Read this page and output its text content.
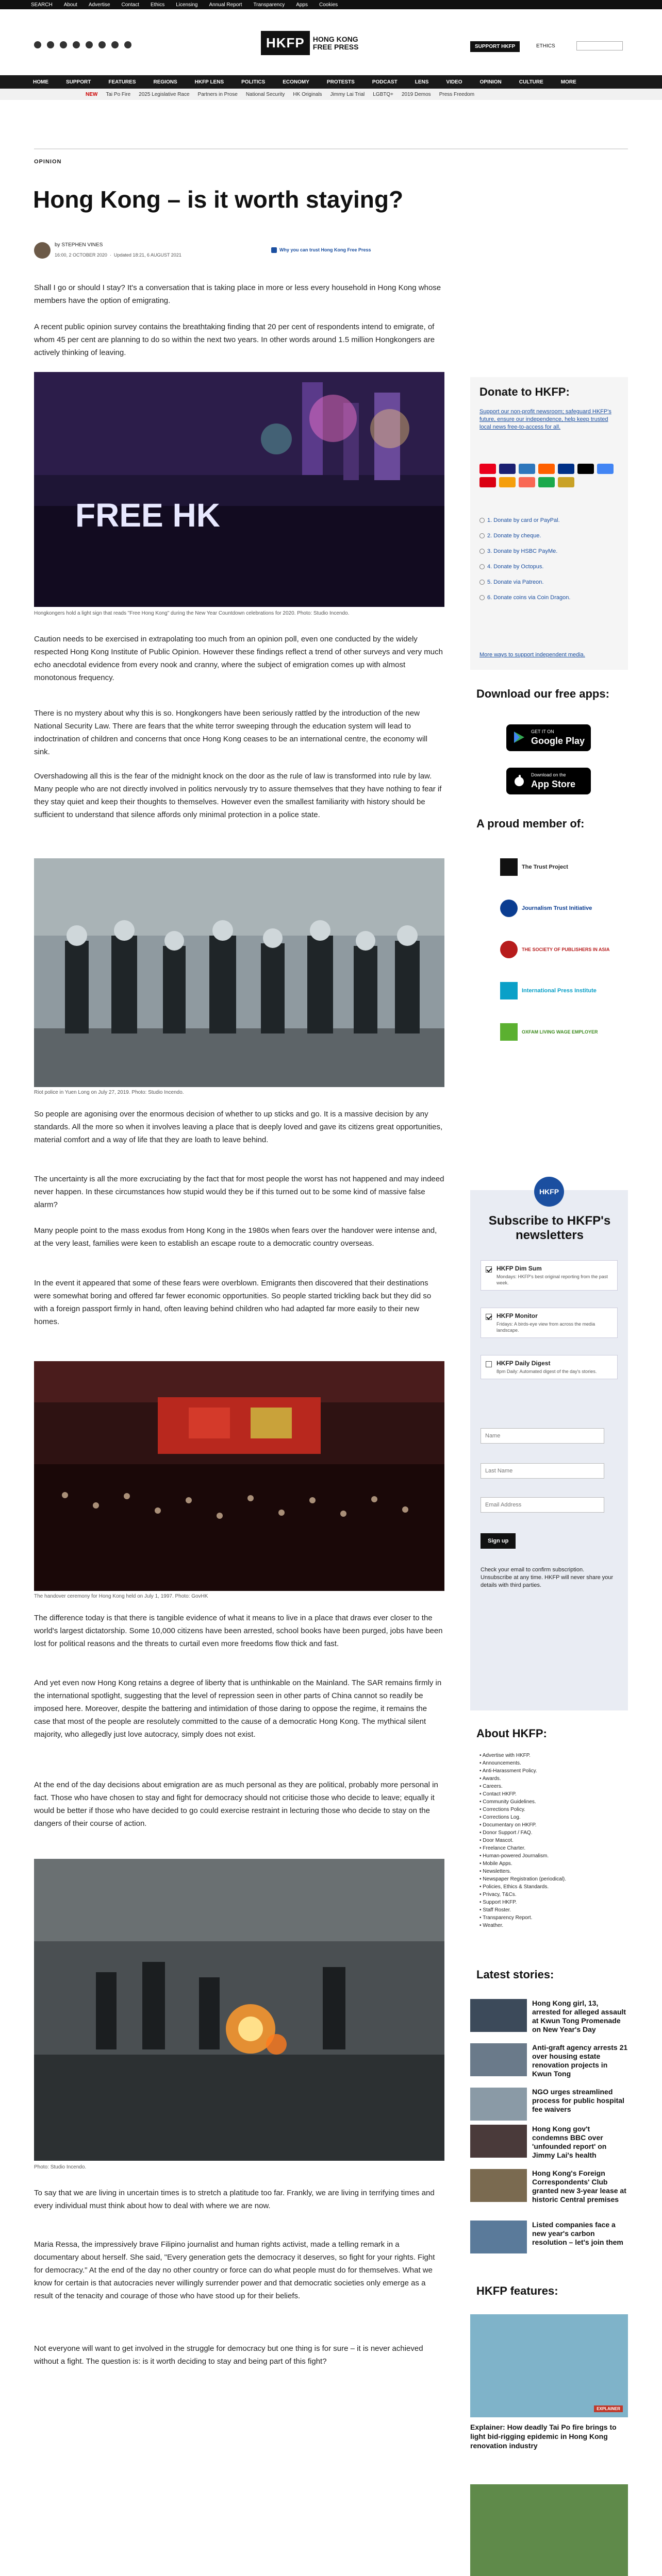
SEARCH About Advertise Contact Ethics Licensing Annual Report Transparency Apps Cookies
HKFP	HONG KONG
FREE PRESS	SUPPORT HKFP	ETHICS
HOME	SUPPORT	FEATURES	REGIONS	HKFP LENS	POLITICS	ECONOMY	PROTESTS	PODCAST	LENS	VIDEO	OPINION	CULTURE	MORE
NEW Tai Po Fire 2025 Legislative Race Partners in Prose National Security HK Originals Jimmy Lai Trial LGBTQ+ 2019 Demos Press Freedom
OPINION
Hong Kong – is it worth staying?
by STEPHEN VINES
16:00, 2 OCTOBER 2020  ·  Updated 18:21, 6 AUGUST 2021
Why you can trust Hong Kong Free Press

Shall I go or should I stay? It's a conversation that is taking place in more or less every household in Hong Kong whose members have the option of emigrating.

A recent public opinion survey contains the breathtaking finding that 20 per cent of respondents intend to emigrate, of whom 45 per cent are planning to do so within the next two years. In other words around 1.5 million Hongkongers are actively thinking of leaving.

FREE HK
Hongkongers hold a light sign that reads "Free Hong Kong" during the New Year Countdown celebrations for 2020. Photo: Studio Incendo.

Caution needs to be exercised in extrapolating too much from an opinion poll, even one conducted by the widely respected Hong Kong Institute of Public Opinion. However these findings reflect a trend of other surveys and very much echo anecdotal evidence from every nook and cranny, where the subject of emigration comes up with almost monotonous frequency.

There is no mystery about why this is so. Hongkongers have been seriously rattled by the introduction of the new National Security Law. There are fears that the white terror sweeping through the education system will lead to indoctrination of children and concerns that once Hong Kong ceases to be an international centre, the economy will sink.

Overshadowing all this is the fear of the midnight knock on the door as the rule of law is transformed into rule by law. Many people who are not directly involved in politics nervously try to assure themselves that they have nothing to fear if they stay quiet and keep their thoughts to themselves. However even the smallest familiarity with history should be sufficient to understand that silence affords only minimal protection in a police state.

Riot police in Yuen Long on July 27, 2019. Photo: Studio Incendo.

So people are agonising over the enormous decision of whether to up sticks and go. It is a massive decision by any standards. All the more so when it involves leaving a place that is deeply loved and gave its citizens great opportunities, material comfort and a way of life that they are loath to leave behind.

The uncertainty is all the more excruciating by the fact that for most people the worst has not happened and may indeed never happen. In these circumstances how stupid would they be if this turned out to be some kind of massive false alarm?

Many people point to the mass exodus from Hong Kong in the 1980s when fears over the handover were intense and, at the very least, families were keen to establish an escape route to a democratic country overseas.

In the event it appeared that some of these fears were overblown. Emigrants then discovered that their destinations were somewhat boring and offered far fewer economic opportunities. So people started trickling back but they did so with a foreign passport firmly in hand, often leaving behind children who had adapted far more easily to their new homes.

The handover ceremony for Hong Kong held on July 1, 1997. Photo: GovHK

The difference today is that there is tangible evidence of what it means to live in a place that draws ever closer to the world's largest dictatorship. Some 10,000 citizens have been arrested, school books have been purged, jobs have been lost for political reasons and the threats to curtail even more freedoms flow thick and fast.

And yet even now Hong Kong retains a degree of liberty that is unthinkable on the Mainland. The SAR remains firmly in the international spotlight, suggesting that the level of repression seen in other parts of China cannot so readily be imposed here. Moreover, despite the battering and intimidation of those daring to oppose the regime, it remains the case that most of the people are resolutely committed to the cause of a democratic Hong Kong. The mythical silent majority, who allegedly just love autocracy, simply does not exist.

At the end of the day decisions about emigration are as much personal as they are political, probably more personal in fact. Those who have chosen to stay and fight for democracy should not criticise those who decide to leave; equally it would be better if those who have decided to go could exercise restraint in lecturing those who decide to stay on the dangers of their course of action.

Photo: Studio Incendo.

To say that we are living in uncertain times is to stretch a platitude too far. Frankly, we are living in terrifying times and every individual must think about how to deal with where we are now.

Maria Ressa, the impressively brave Filipino journalist and human rights activist, made a telling remark in a documentary about herself. She said, "Every generation gets the democracy it deserves, so fight for your rights. Fight for democracy." At the end of the day no other country or force can do what people must do for themselves. What we know for certain is that autocracies never willingly surrender power and that democratic societies only emerge as a result of the tenacity and courage of those who have stood up for their beliefs.

Not everyone will want to get involved in the struggle for democracy but one thing is for sure – it is never achieved without a fight. The question is: is it worth deciding to stay and being part of this fight?

Donate to HKFP:
Support our non-profit newsroom; safeguard HKFP's future, ensure our independence, help keep trusted local news free-to-access for all.
1. Donate by card or PayPal.
2. Donate by cheque.
3. Donate by HSBC PayMe.
4. Donate by Octopus.
5. Donate via Patreon.
6. Donate coins via Coin Dragon.
More ways to support independent media.
Download our free apps:
GET IT ON
Google Play
Download on the
App Store
A proud member of:
The Trust Project
Journalism Trust Initiative
THE SOCIETY OF PUBLISHERS IN ASIA
International Press Institute
OXFAM LIVING WAGE EMPLOYER
HKFP
Subscribe to HKFP's newsletters
HKFP Dim Sum
Mondays: HKFP's best original reporting from the past week.
HKFP Monitor
Fridays: A birds-eye view from across the media landscape.
HKFP Daily Digest
8pm Daily: Automated digest of the day's stories.
Name
Last Name
Email Address
Sign up
Check your email to confirm subscription. Unsubscribe at any time. HKFP will never share your details with third parties.
About HKFP:
• Advertise with HKFP.
• Announcements.
• Anti-Harassment Policy.
• Awards.
• Careers.
• Contact HKFP.
• Community Guidelines.
• Corrections Policy.
• Corrections Log.
• Documentary on HKFP.
• Donor Support / FAQ.
• Door Mascot.
• Freelance Charter.
• Human-powered Journalism.
• Mobile Apps.
• Newsletters.
• Newspaper Registration (periodical).
• Policies, Ethics & Standards.
• Privacy, T&Cs.
• Support HKFP.
• Staff Roster.
• Transparency Report.
• Weather.
Latest stories:
Hong Kong girl, 13, arrested for alleged assault at Kwun Tong Promenade on New Year's Day
Anti-graft agency arrests 21 over housing estate renovation projects in Kwun Tong
NGO urges streamlined process for public hospital fee waivers
Hong Kong gov't condemns BBC over 'unfounded report' on Jimmy Lai's health
Hong Kong's Foreign Correspondents' Club granted new 3-year lease at historic Central premises
Listed companies face a new year's carbon resolution – let's join them
HKFP features:
EXPLAINER
Explainer: How deadly Tai Po fire brings to light bid-rigging epidemic in Hong Kong renovation industry
